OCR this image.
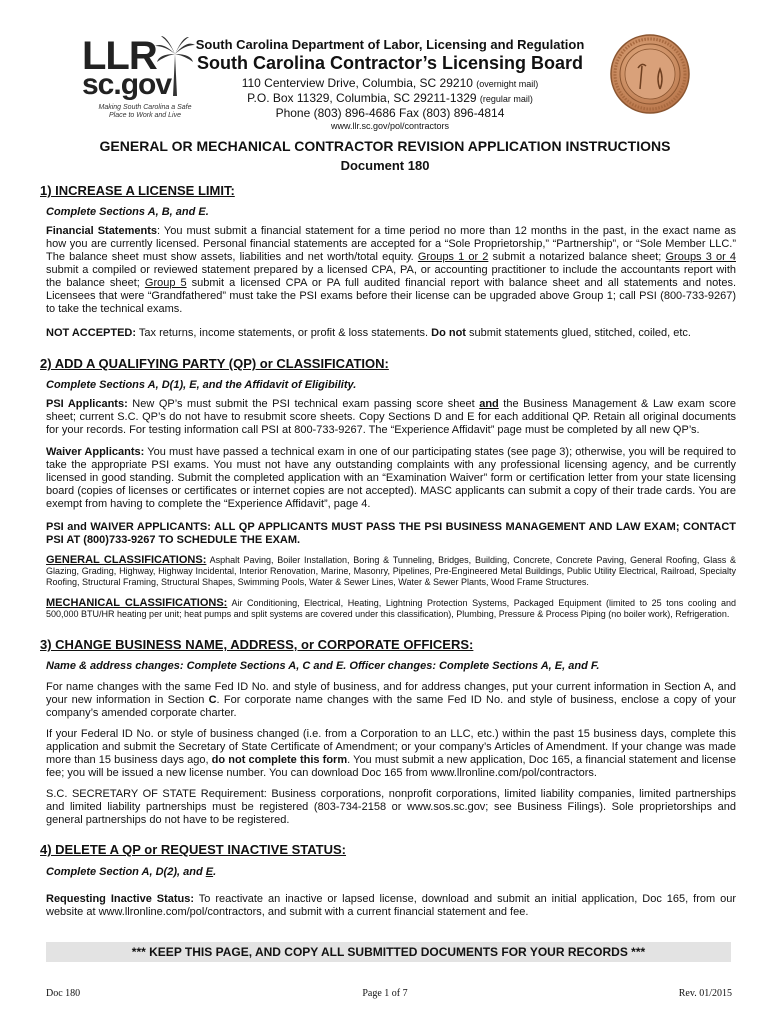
LLR
sc.gov
Making South Carolina a Safe Place to Work and Live
South Carolina Department of Labor, Licensing and Regulation
South Carolina Contractor’s Licensing Board
110 Centerview Drive, Columbia, SC 29210 (overnight mail)
P.O. Box 11329, Columbia, SC 29211-1329 (regular mail)
Phone (803) 896-4686 Fax (803) 896-4814
www.llr.sc.gov/pol/contractors
GENERAL OR MECHANICAL CONTRACTOR REVISION APPLICATION INSTRUCTIONS
Document 180
1) INCREASE A LICENSE LIMIT:
Complete Sections A, B, and E.
Financial Statements: You must submit a financial statement for a time period no more than 12 months in the past, in the exact name as how you are currently licensed. Personal financial statements are accepted for a “Sole Proprietorship,” “Partnership”, or “Sole Member LLC.” The balance sheet must show assets, liabilities and net worth/total equity. Groups 1 or 2 submit a notarized balance sheet; Groups 3 or 4 submit a compiled or reviewed statement prepared by a licensed CPA, PA, or accounting practitioner to include the accountants report with the balance sheet; Group 5 submit a licensed CPA or PA full audited financial report with balance sheet and all statements and notes. Licensees that were “Grandfathered” must take the PSI exams before their license can be upgraded above Group 1; call PSI (800-733-9267) to take the technical exams.
NOT ACCEPTED: Tax returns, income statements, or profit & loss statements. Do not submit statements glued, stitched, coiled, etc.
2) ADD A QUALIFYING PARTY (QP) or CLASSIFICATION:
Complete Sections A, D(1), E, and the Affidavit of Eligibility.
PSI Applicants: New QP’s must submit the PSI technical exam passing score sheet and the Business Management & Law exam score sheet; current S.C. QP’s do not have to resubmit score sheets. Copy Sections D and E for each additional QP. Retain all original documents for your records. For testing information call PSI at 800-733-9267. The “Experience Affidavit” page must be completed by all new QP’s.
Waiver Applicants: You must have passed a technical exam in one of our participating states (see page 3); otherwise, you will be required to take the appropriate PSI exams. You must not have any outstanding complaints with any professional licensing agency, and be currently licensed in good standing. Submit the completed application with an “Examination Waiver” form or certification letter from your state licensing board (copies of licenses or certificates or internet copies are not accepted). MASC applicants can submit a copy of their trade cards. You are exempt from having to complete the “Experience Affidavit”, page 4.
PSI and WAIVER APPLICANTS: ALL QP APPLICANTS MUST PASS THE PSI BUSINESS MANAGEMENT AND LAW EXAM; CONTACT PSI AT (800)733-9267 TO SCHEDULE THE EXAM.
GENERAL CLASSIFICATIONS: Asphalt Paving, Boiler Installation, Boring & Tunneling, Bridges, Building, Concrete, Concrete Paving, General Roofing, Glass & Glazing, Grading, Highway, Highway Incidental, Interior Renovation, Marine, Masonry, Pipelines, Pre-Engineered Metal Buildings, Public Utility Electrical, Railroad, Specialty Roofing, Structural Framing, Structural Shapes, Swimming Pools, Water & Sewer Lines, Water & Sewer Plants, Wood Frame Structures.
MECHANICAL CLASSIFICATIONS: Air Conditioning, Electrical, Heating, Lightning Protection Systems, Packaged Equipment (limited to 25 tons cooling and 500,000 BTU/HR heating per unit; heat pumps and split systems are covered under this classification), Plumbing, Pressure & Process Piping (no boiler work), Refrigeration.
3) CHANGE BUSINESS NAME, ADDRESS, or CORPORATE OFFICERS:
Name & address changes: Complete Sections A, C and E. Officer changes: Complete Sections A, E, and F.
For name changes with the same Fed ID No. and style of business, and for address changes, put your current information in Section A, and your new information in Section C. For corporate name changes with the same Fed ID No. and style of business, enclose a copy of your company’s amended corporate charter.
If your Federal ID No. or style of business changed (i.e. from a Corporation to an LLC, etc.) within the past 15 business days, complete this application and submit the Secretary of State Certificate of Amendment; or your company’s Articles of Amendment. If your change was made more than 15 business days ago, do not complete this form. You must submit a new application, Doc 165, a financial statement and license fee; you will be issued a new license number. You can download Doc 165 from www.llronline.com/pol/contractors.
S.C. SECRETARY OF STATE Requirement: Business corporations, nonprofit corporations, limited liability companies, limited partnerships and limited liability partnerships must be registered (803-734-2158 or www.sos.sc.gov; see Business Filings). Sole proprietorships and general partnerships do not have to be registered.
4) DELETE A QP or REQUEST INACTIVE STATUS:
Complete Section A, D(2), and E.
Requesting Inactive Status: To reactivate an inactive or lapsed license, download and submit an initial application, Doc 165, from our website at www.llronline.com/pol/contractors, and submit with a current financial statement and fee.
*** KEEP THIS PAGE, AND COPY ALL SUBMITTED DOCUMENTS FOR YOUR RECORDS ***
Doc 180	Page 1 of 7	Rev. 01/2015
